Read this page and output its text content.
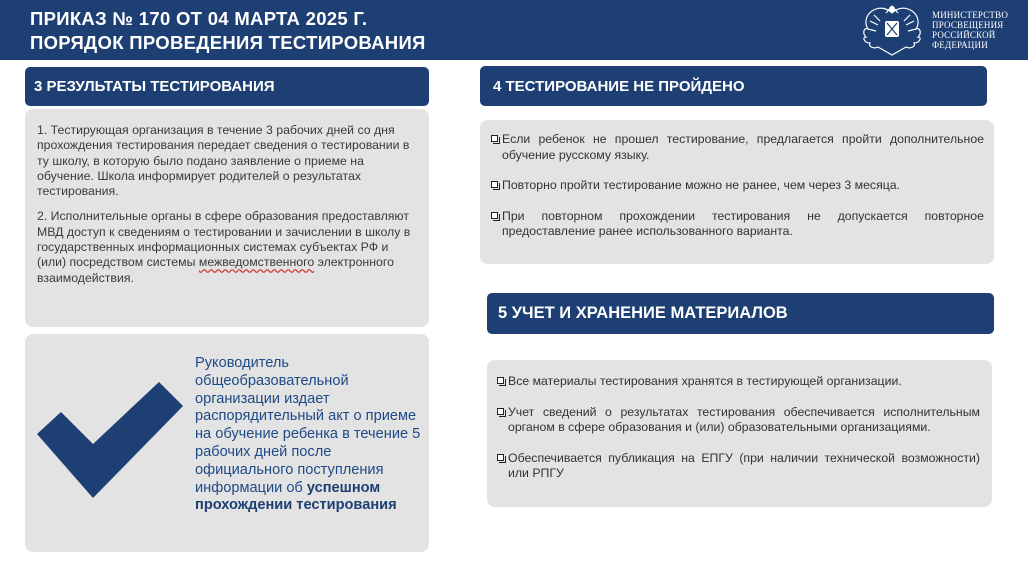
ПРИКАЗ № 170 ОТ 04 МАРТА 2025 Г.
ПОРЯДОК ПРОВЕДЕНИЯ ТЕСТИРОВАНИЯ
МИНИСТЕРСТВО
ПРОСВЕЩЕНИЯ
РОССИЙСКОЙ
ФЕДЕРАЦИИ
3 РЕЗУЛЬТАТЫ ТЕСТИРОВАНИЯ

1. Тестирующая организация в течение 3 рабочих дней со дня прохождения тестирования передает сведения о тестировании в ту школу, в которую было подано заявление о приеме на обучение. Школа информирует родителей о результатах тестирования.

2. Исполнительные органы в сфере образования предоставляют МВД доступ к сведениям о тестировании и зачислении в школу в государственных информационных системах субъектах РФ и (или) посредством системы межведомственного электронного взаимодействия.

Руководитель общеобразовательной организации издает распорядительный акт о приеме на обучение ребенка в течение 5 рабочих дней после официального поступления информации об успешном прохождении тестирования
4 ТЕСТИРОВАНИЕ НЕ ПРОЙДЕНО
Если ребенок не прошел тестирование, предлагается пройти дополнительное обучение русскому языку.
Повторно пройти тестирование можно не ранее, чем через 3 месяца.
При повторном прохождении тестирования не допускается повторное предоставление ранее использованного варианта.
5 УЧЕТ И ХРАНЕНИЕ МАТЕРИАЛОВ
Все материалы тестирования хранятся в тестирующей организации.
Учет сведений о результатах тестирования обеспечивается исполнительным органом в сфере образования и (или) образовательными организациями.
Обеспечивается публикация на ЕПГУ (при наличии технической возможности) или РПГУ
